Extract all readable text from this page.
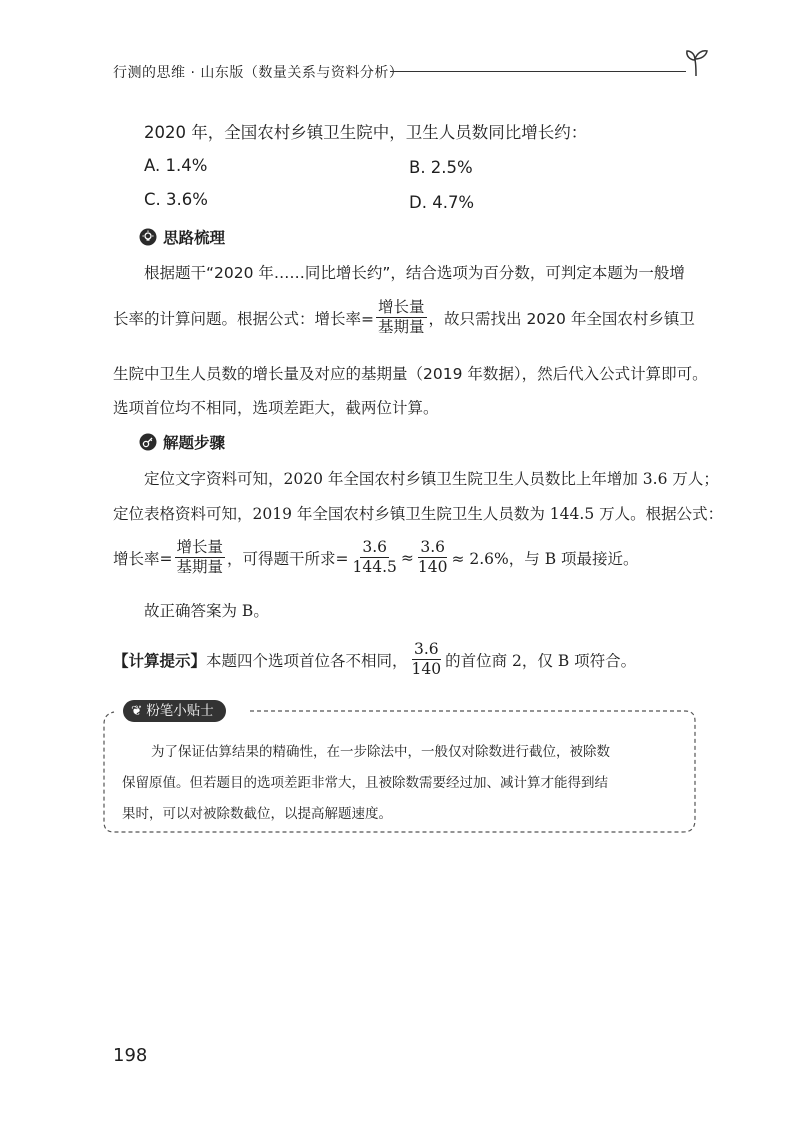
行测的思维 · 山东版（数量关系与资料分析）
2020 年，全国农村乡镇卫生院中，卫生人员数同比增长约：
A. 1.4%	B. 2.5%
C. 3.6%	D. 4.7%
思路梳理
根据题干“2020 年……同比增长约”，结合选项为百分数，可判定本题为一般增
长率的计算问题。根据公式：增长率= $\frac{\text{增长量}}{\text{基期量}}$ ，故只需找出 2020 年全国农村乡镇卫
生院中卫生人员数的增长量及对应的基期量（2019 年数据），然后代入公式计算即可。
选项首位均不相同，选项差距大，截两位计算。
解题步骤
定位文字资料可知，2020 年全国农村乡镇卫生院卫生人员数比上年增加 3.6 万人；
定位表格资料可知，2019 年全国农村乡镇卫生院卫生人员数为 144.5 万人。根据公式：
增长率= $\frac{\text{增长量}}{\text{基期量}}$ ，可得题干所求= $\frac{3.6}{144.5} \approx \frac{3.6}{140} \approx 2.6\%$，与 B 项最接近。
故正确答案为 B。
【计算提示】 本题四个选项首位各不相同， $\frac{3.6}{140}$ 的首位商 2，仅 B 项符合。
❦ 粉笔小贴士
为了保证估算结果的精确性，在一步除法中，一般仅对除数进行截位，被除数
保留原值。但若题目的选项差距非常大，且被除数需要经过加、减计算才能得到结
果时，可以对被除数截位，以提高解题速度。
198
